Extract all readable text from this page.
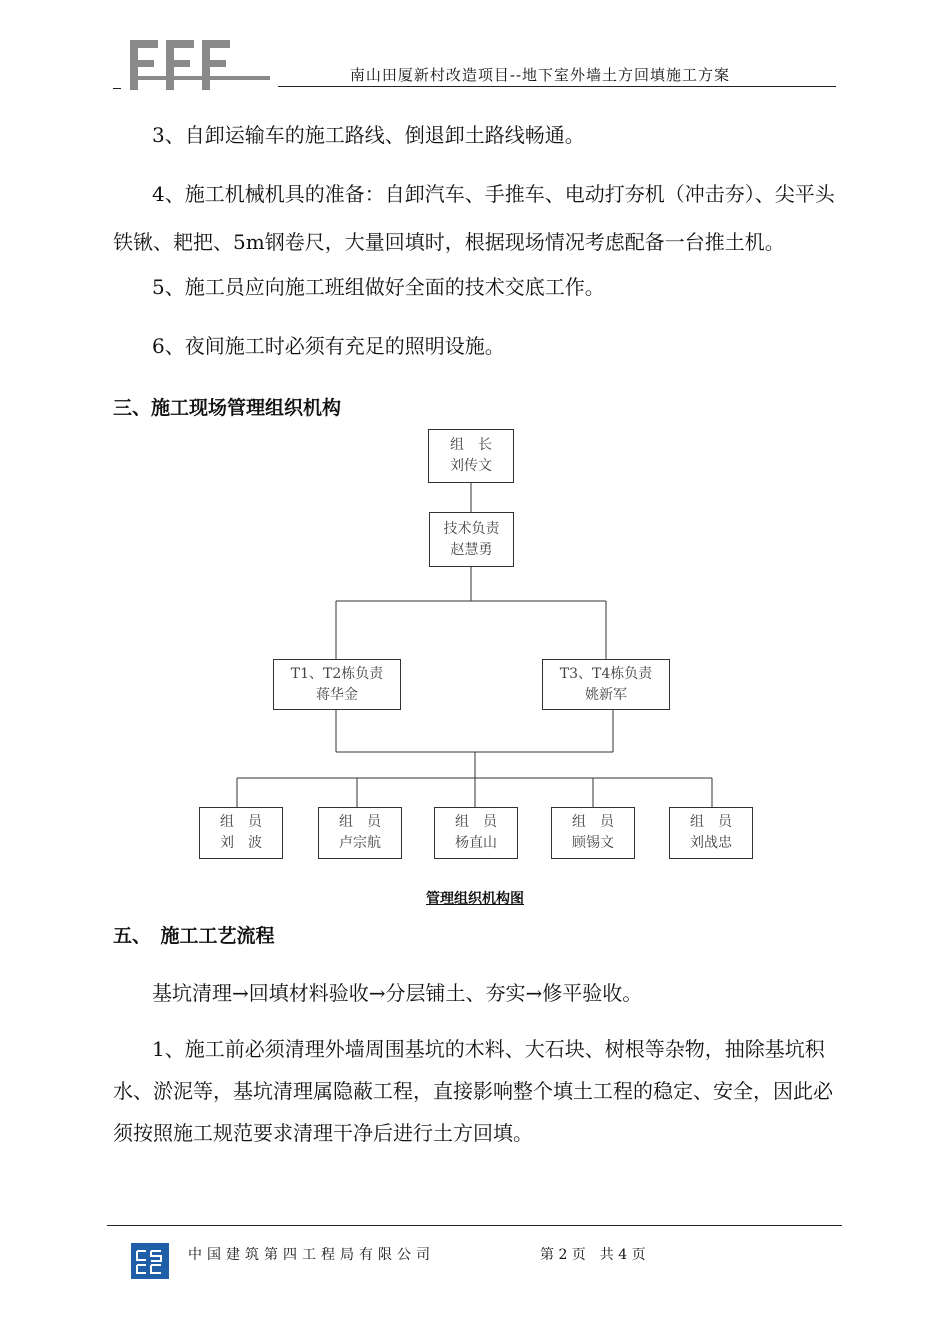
南山田厦新村改造项目--地下室外墙土方回填施工方案

3、自卸运输车的施工路线、倒退卸土路线畅通。

4、施工机械机具的准备：自卸汽车、手推车、电动打夯机（冲击夯）、尖平头铁锹、耙把、5m钢卷尺，大量回填时，根据现场情况考虑配备一台推土机。

5、施工员应向施工班组做好全面的技术交底工作。

6、夜间施工时必须有充足的照明设施。

三、施工现场管理组织机构
组　长
刘传文
技术负责
赵慧勇
T1、T2栋负责
蒋华金
T3、T4栋负责
姚新军
组　员
刘　波
组　员
卢宗航
组　员
杨直山
组　员
顾锡文
组　员
刘战忠
管理组织机构图
五、　施工工艺流程

基坑清理→回填材料验收→分层铺土、夯实→修平验收。

1、施工前必须清理外墙周围基坑的木料、大石块、树根等杂物，抽除基坑积水、淤泥等，基坑清理属隐蔽工程，直接影响整个填土工程的稳定、安全，因此必须按照施工规范要求清理干净后进行土方回填。

中国建筑第四工程局有限公司	第 2 页　共 4 页
